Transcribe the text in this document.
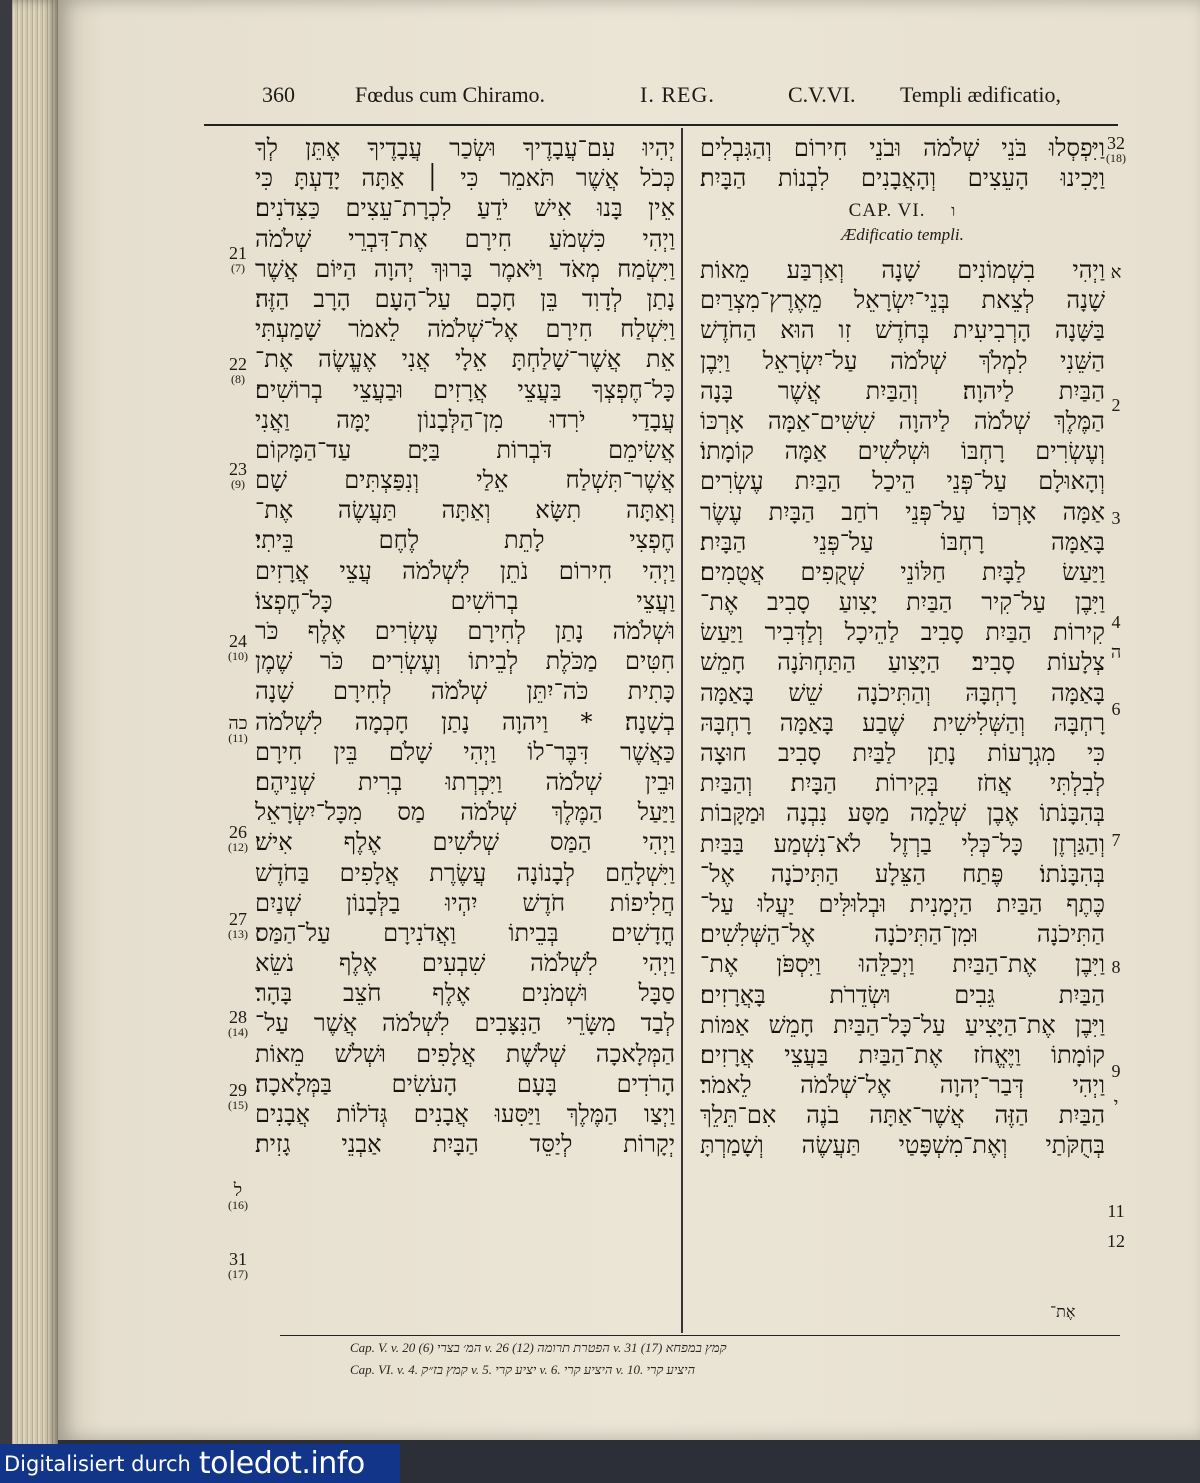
360	Fœdus cum Chiramo.	I. REG.	C.V.VI. Templi ædificatio,
יְהִיוּ עִם־עֲבָדֶיךָ וּשְׂכַר עֲבָדֶיךָ אֶתֵּן לְךָ
כְּכֹל אֲשֶׁר תֹּאמֵר כִּי ׀ אַתָּה יָדַעְתָּ כִּי
אֵין בָּנוּ אִישׁ יֹדֵעַ לִכְרָת־עֵצִים כַּצִּדֹנִים׃
וַיְהִי כִּשְׁמֹעַ חִירָם אֶת־דִּבְרֵי שְׁלֹמֹה
וַיִּשְׂמַח מְאֹד וַיֹּאמֶר בָּרוּךְ יְהוָה הַיּוֹם אֲשֶׁר
נָתַן לְדָוִד בֵּן חָכָם עַל־הָעָם הָרָב הַזֶּה׃
וַיִּשְׁלַח חִירָם אֶל־שְׁלֹמֹה לֵאמֹר שָׁמַעְתִּי
אֵת אֲשֶׁר־שָׁלַחְתָּ אֵלָי אֲנִי אֶעֱשֶׂה אֶת־
כָּל־חֶפְצְךָ בַּעֲצֵי אֲרָזִים וּבַעֲצֵי בְרוֹשִׁים׃
עֲבָדַי יֹרִדוּ מִן־הַלְּבָנוֹן יָמָּה וַאֲנִי
אֲשִׂימֵם דֹּבְרוֹת בַּיָּם עַד־הַמָּקוֹם
אֲשֶׁר־תִּשְׁלַח אֵלַי וְנִפַּצְתִּים שָׁם
וְאַתָּה תִשָּׂא וְאַתָּה תַּעֲשֶׂה אֶת־
חֶפְצִי לָתֵת לֶחֶם בֵּיתִי׃
וַיְהִי חִירוֹם נֹתֵן לִשְׁלֹמֹה עֲצֵי אֲרָזִים
וַעֲצֵי בְרוֹשִׁים כָּל־חֶפְצוֹ׃
וּשְׁלֹמֹה נָתַן לְחִירָם עֶשְׂרִים אֶלֶף כֹּר
חִטִּים מַכֹּלֶת לְבֵיתוֹ וְעֶשְׂרִים כֹּר שֶׁמֶן
כָּתִית כֹּה־יִתֵּן שְׁלֹמֹה לְחִירָם שָׁנָה
בְשָׁנָה׃ * וַיהוָה נָתַן חָכְמָה לִשְׁלֹמֹה
כַּאֲשֶׁר דִּבֶּר־לוֹ וַיְהִי שָׁלֹם בֵּין חִירָם
וּבֵין שְׁלֹמֹה וַיִּכְרְתוּ בְרִית שְׁנֵיהֶם׃
וַיַּעַל הַמֶּלֶךְ שְׁלֹמֹה מַס מִכָּל־יִשְׂרָאֵל
וַיְהִי הַמַּס שְׁלֹשִׁים אֶלֶף אִישׁ׃
וַיִּשְׁלָחֵם לְבָנוֹנָה עֲשֶׂרֶת אֲלָפִים בַּחֹדֶשׁ
חֲלִיפוֹת חֹדֶשׁ יִהְיוּ בַלְּבָנוֹן שְׁנַיִם
חֳדָשִׁים בְּבֵיתוֹ וַאֲדֹנִירָם עַל־הַמַּס׃
וַיְהִי לִשְׁלֹמֹה שִׁבְעִים אֶלֶף נֹשֵׂא
סַבָּל וּשְׁמֹנִים אֶלֶף חֹצֵב בָּהָר׃
לְבַד מִשָּׂרֵי הַנִּצָּבִים לִשְׁלֹמֹה אֲשֶׁר עַל־
הַמְּלָאכָה שְׁלֹשֶׁת אֲלָפִים וּשְׁלֹשׁ מֵאוֹת
הָרֹדִים בָּעָם הָעֹשִׂים בַּמְּלָאכָה׃
וַיְצַו הַמֶּלֶךְ וַיַּסִּעוּ אֲבָנִים גְּדֹלוֹת אֲבָנִים
יְקָרוֹת לְיַסֵּד הַבָּיִת אַבְנֵי גָזִית׃
וַיִּפְסְלוּ בֹּנֵי שְׁלֹמֹה וּבֹנֵי חִירוֹם וְהַגִּבְלִים
וַיָּכִינוּ הָעֵצִים וְהָאֲבָנִים לִבְנוֹת הַבָּיִת׃
CAP. VI. ו
Ædificatio templi.
וַיְהִי בִשְׁמוֹנִים שָׁנָה וְאַרְבַּע מֵאוֹת
שָׁנָה לְצֵאת בְּנֵי־יִשְׂרָאֵל מֵאֶרֶץ־מִצְרַיִם
בַּשָּׁנָה הָרְבִיעִית בְּחֹדֶשׁ זִו הוּא הַחֹדֶשׁ
הַשֵּׁנִי לִמְלֹךְ שְׁלֹמֹה עַל־יִשְׂרָאֵל וַיִּבֶן
הַבַּיִת לַיהוָה׃ וְהַבַּיִת אֲשֶׁר בָּנָה
הַמֶּלֶךְ שְׁלֹמֹה לַיהוָה שִׁשִּׁים־אַמָּה אָרְכּוֹ
וְעֶשְׂרִים רָחְבּוֹ וּשְׁלֹשִׁים אַמָּה קוֹמָתוֹ׃
וְהָאוּלָם עַל־פְּנֵי הֵיכַל הַבַּיִת עֶשְׂרִים
אַמָּה אָרְכּוֹ עַל־פְּנֵי רֹחַב הַבָּיִת עֶשֶׂר
בָּאַמָּה רָחְבּוֹ עַל־פְּנֵי הַבָּיִת׃
וַיַּעַשׂ לַבָּיִת חַלּוֹנֵי שְׁקֻפִים אֲטֻמִים׃
וַיִּבֶן עַל־קִיר הַבַּיִת יָצִועַ סָבִיב אֶת־
קִירוֹת הַבַּיִת סָבִיב לַהֵיכָל וְלַדְּבִיר וַיַּעַשׂ
צְלָעוֹת סָבִיב׃ הַיָּצִועַ הַתַּחְתֹּנָה חָמֵשׁ
בָּאַמָּה רָחְבָּהּ וְהַתִּיכֹנָה שֵׁשׁ בָּאַמָּה
רָחְבָּהּ וְהַשְּׁלִישִׁית שֶׁבַע בָּאַמָּה רָחְבָּהּ
כִּי מִגְרָעוֹת נָתַן לַבַּיִת סָבִיב חוּצָה
לְבִלְתִּי אֲחֹז בְּקִירוֹת הַבָּיִת׃ וְהַבַּיִת
בְּהִבָּנֹתוֹ אֶבֶן שְׁלֵמָה מַסָּע נִבְנָה וּמַקָּבוֹת
וְהַגַּרְזֶן כָּל־כְּלִי בַרְזֶל לֹא־נִשְׁמַע בַּבַּיִת
בְּהִבָּנֹתוֹ׃ פֶּתַח הַצֵּלָע הַתִּיכֹנָה אֶל־
כֶּתֶף הַבַּיִת הַיְמָנִית וּבְלוּלִּים יַעֲלוּ עַל־
הַתִּיכֹנָה וּמִן־הַתִּיכֹנָה אֶל־הַשְּׁלִשִׁים׃
וַיִּבֶן אֶת־הַבַּיִת וַיְכַלֵּהוּ וַיִּסְפֹּן אֶת־
הַבַּיִת גֵּבִים וּשְׂדֵרֹת בָּאֲרָזִים׃
וַיִּבֶן אֶת־הַיָּצִיעַ עַל־כָּל־הַבַּיִת חָמֵשׁ אַמּוֹת
קוֹמָתוֹ וַיֶּאֱחֹז אֶת־הַבַּיִת בַּעֲצֵי אֲרָזִים׃
וַיְהִי דְּבַר־יְהוָה אֶל־שְׁלֹמֹה לֵאמֹר׃
הַבַּיִת הַזֶּה אֲשֶׁר־אַתָּה בֹנֶה אִם־תֵּלֵךְ
בְּחֻקֹּתַי וְאֶת־מִשְׁפָּטַי תַּעֲשֶׂה וְשָׁמַרְתָּ
אֶת־
21
(7)
22
(8)
23
(9)
24
(10)
כה
(11)
26
(12)
27
(13)
28
(14)
29
(15)
ל
(16)
31
(17)
32
(18)
א
2
3
4
ה
6
7
8
9
י
11
12
Cap. V. v. 20 (6) המ׳ בצרי v. 26 (12) הפטרת תרומה v. 31 (17) קמץ במפחא
Cap. VI. v. 4. קמץ בז״ק v. 5. יציע קרי v. 6. היציע קרי v. 10. היציע קרי
Digitalisiert durch toledot.info
